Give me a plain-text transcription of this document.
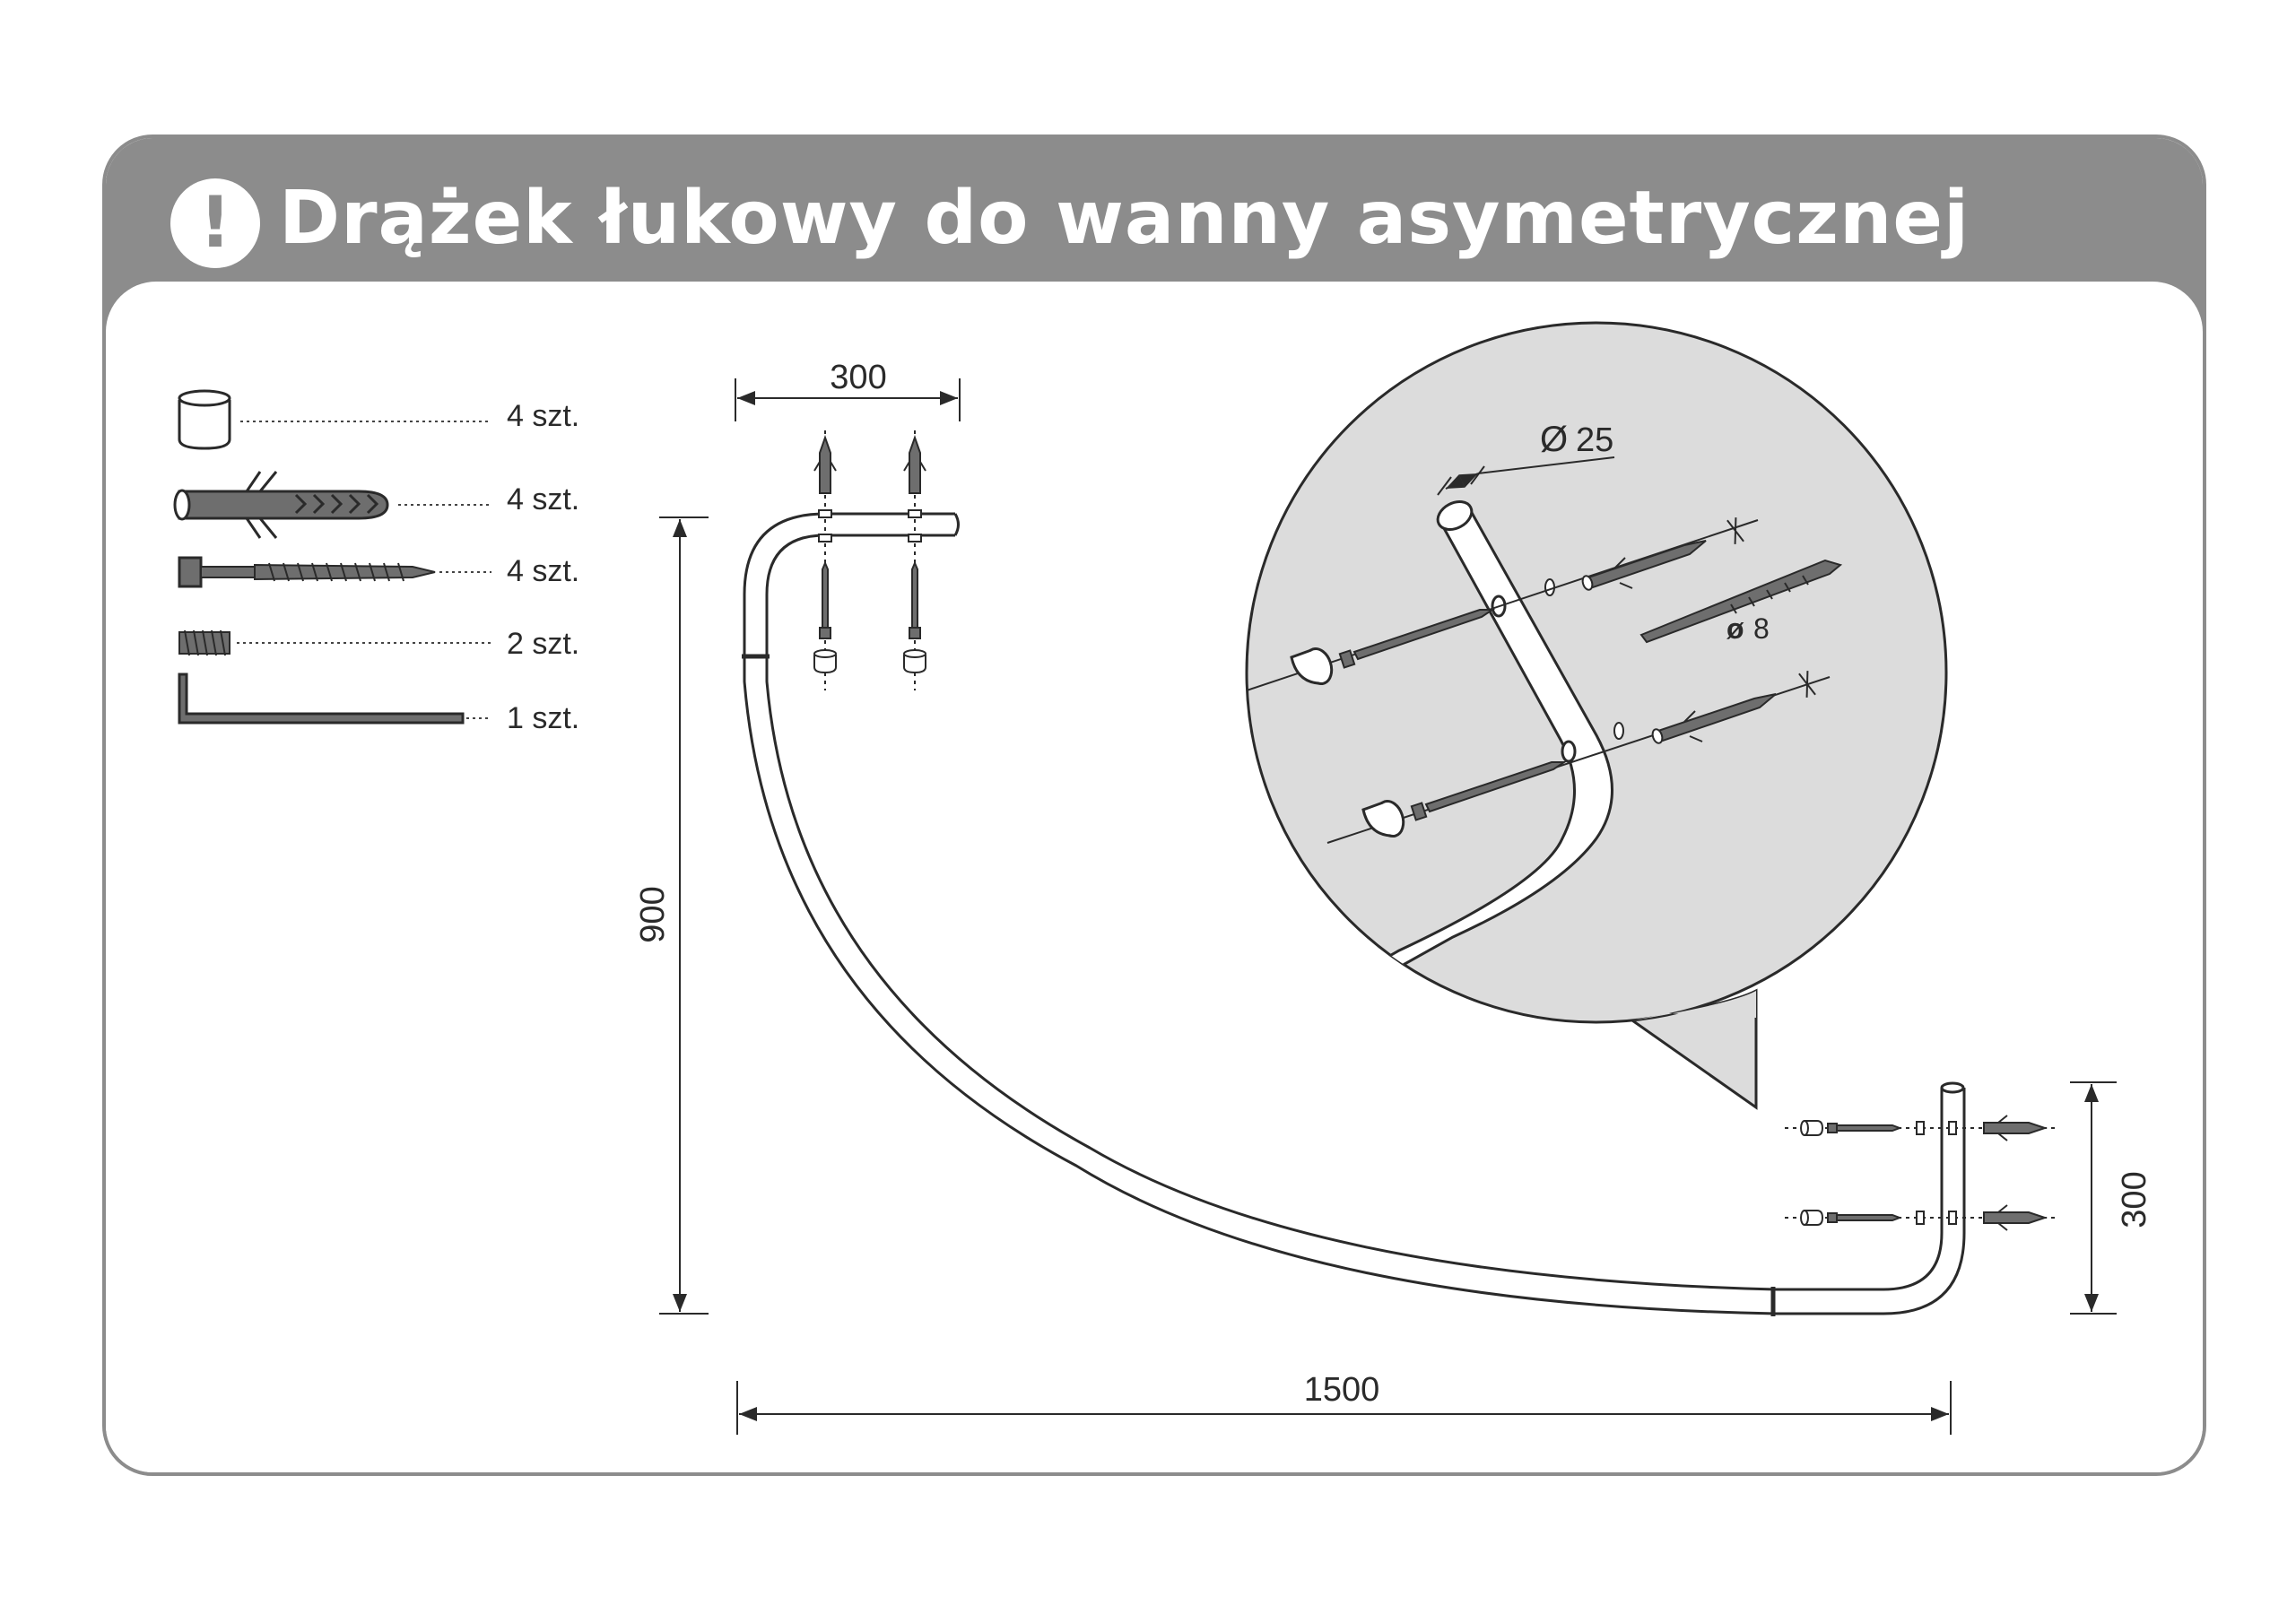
! Drążek łukowy do wanny asymetrycznej
4 szt.
4 szt.
4 szt.
2 szt.
1 szt.
300
900
1500
300
Ø 25
ø 8
